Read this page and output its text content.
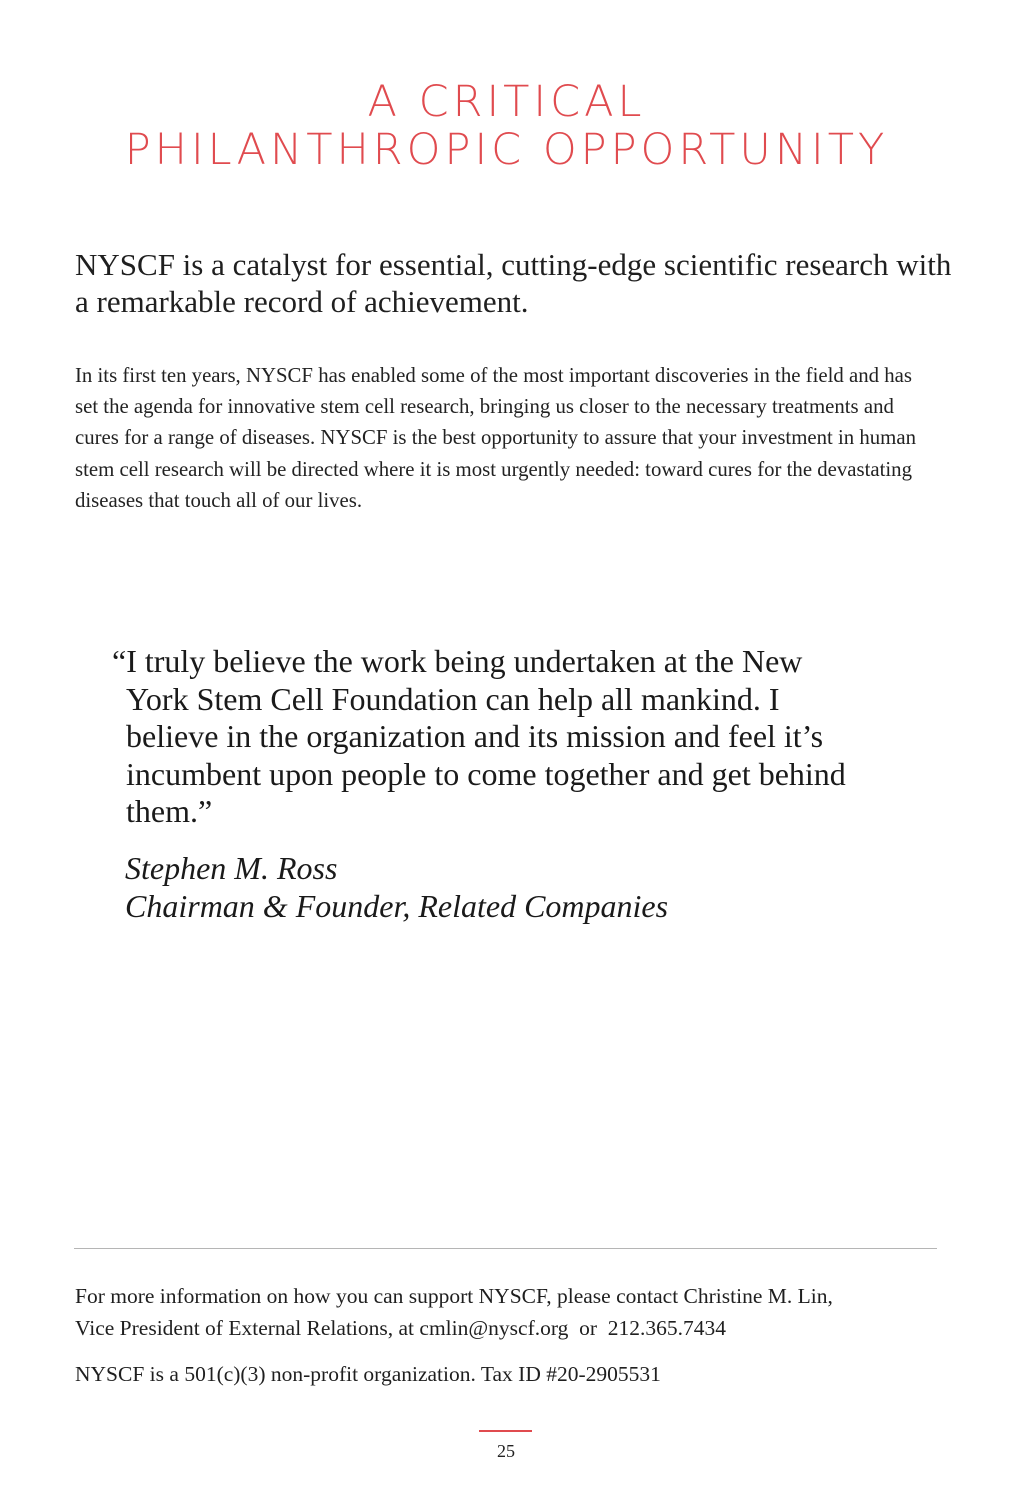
A CRITICAL
PHILANTHROPIC OPPORTUNITY

NYSCF is a catalyst for essential, cutting-edge scientific research with a remarkable record of achievement.

In its first ten years, NYSCF has enabled some of the most important discoveries in the field and has set the agenda for innovative stem cell research, bringing us closer to the necessary treatments and cures for a range of diseases. NYSCF is the best opportunity to assure that your investment in human stem cell research will be directed where it is most urgently needed: toward cures for the devastating diseases that touch all of our lives.

“I truly believe the work being undertaken at the New York Stem Cell Foundation can help all mankind. I believe in the organization and its mission and feel it’s incumbent upon people to come together and get behind them.”
Stephen M. Ross
Chairman & Founder, Related Companies
For more information on how you can support NYSCF, please contact Christine M. Lin,
Vice President of External Relations, at cmlin@nyscf.org  or  212.365.7434
NYSCF is a 501(c)(3) non-profit organization. Tax ID #20-2905531
25
